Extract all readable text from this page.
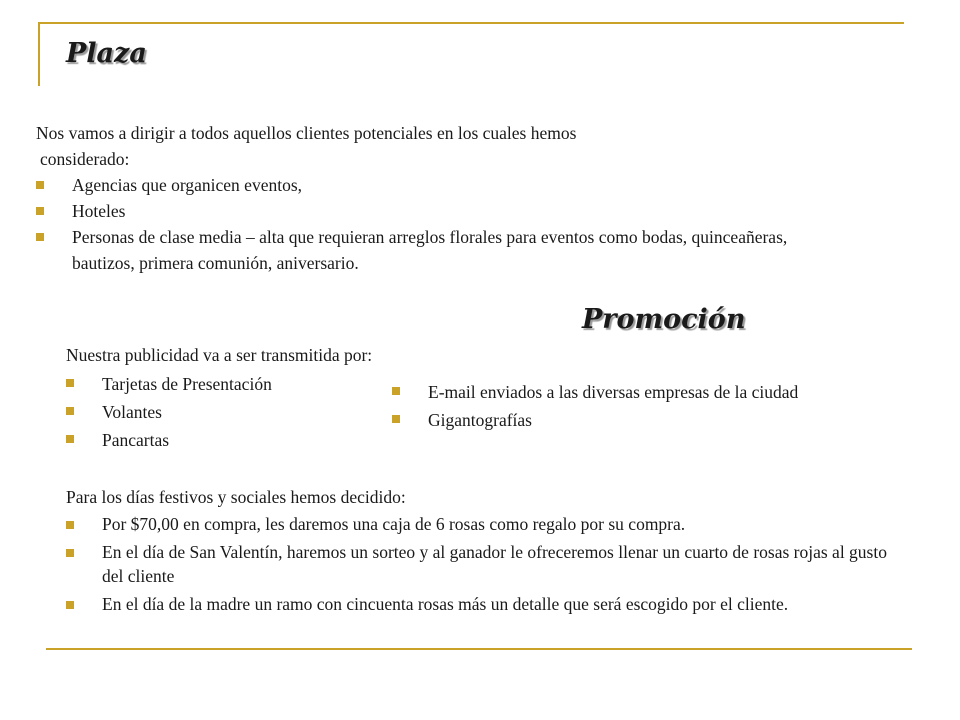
Plaza
Nos vamos a dirigir a todos aquellos clientes potenciales en los cuales hemos
considerado:
Agencias que organicen eventos,
Hoteles
Personas de clase media – alta que requieran arreglos florales para eventos como bodas, quinceañeras, bautizos, primera comunión, aniversario.
Promoción
Nuestra publicidad va a ser transmitida por:
Tarjetas de Presentación
Volantes
Pancartas
E-mail enviados a las diversas empresas de la ciudad
Gigantografías
Para los días festivos y sociales hemos decidido:
Por $70,00 en compra, les daremos una caja de 6 rosas como regalo por su compra.
En el día de San Valentín, haremos un sorteo y al ganador le ofreceremos llenar un cuarto de rosas rojas al gusto del cliente
En el día de la madre un ramo con cincuenta rosas más un detalle que será escogido por el cliente.
